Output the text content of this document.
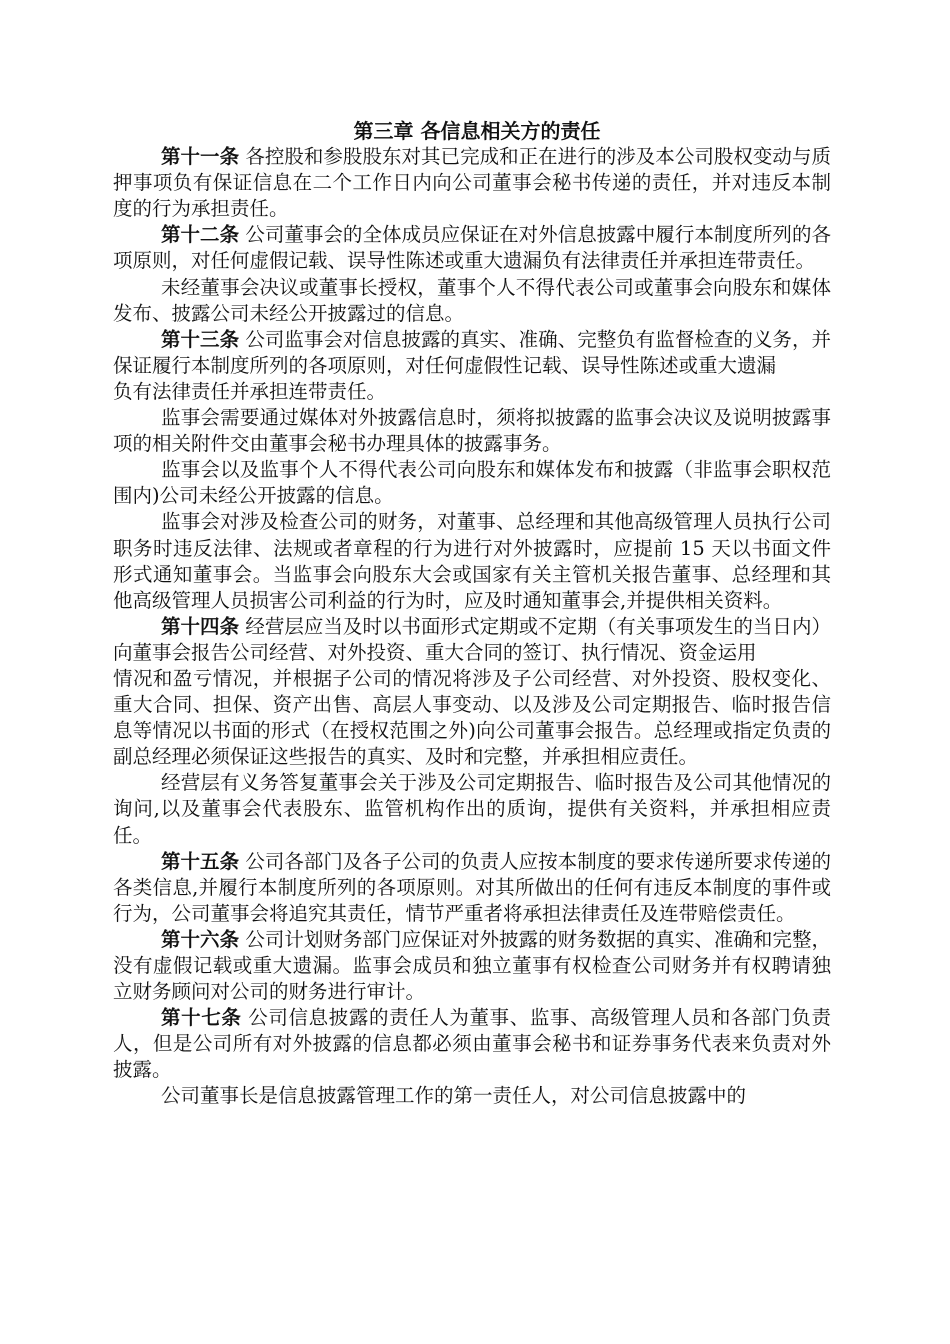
第三章 各信息相关方的责任

第十一条 各控股和参股股东对其已完成和正在进行的涉及本公司股权变动与质押事项负有保证信息在二个工作日内向公司董事会秘书传递的责任，并对违反本制度的行为承担责任。

第十二条 公司董事会的全体成员应保证在对外信息披露中履行本制度所列的各项原则，对任何虚假记载、误导性陈述或重大遗漏负有法律责任并承担连带责任。

未经董事会决议或董事长授权，董事个人不得代表公司或董事会向股东和媒体发布、披露公司未经公开披露过的信息。

第十三条 公司监事会对信息披露的真实、准确、完整负有监督检查的义务，并保证履行本制度所列的各项原则，对任何虚假性记载、误导性陈述或重大遗漏

负有法律责任并承担连带责任。

监事会需要通过媒体对外披露信息时，须将拟披露的监事会决议及说明披露事项的相关附件交由董事会秘书办理具体的披露事务。

监事会以及监事个人不得代表公司向股东和媒体发布和披露（非监事会职权范围内)公司未经公开披露的信息。

监事会对涉及检查公司的财务，对董事、总经理和其他高级管理人员执行公司职务时违反法律、法规或者章程的行为进行对外披露时，应提前 15 天以书面文件形式通知董事会。当监事会向股东大会或国家有关主管机关报告董事、总经理和其他高级管理人员损害公司利益的行为时，应及时通知董事会,并提供相关资料。

第十四条 经营层应当及时以书面形式定期或不定期（有关事项发生的当日内）向董事会报告公司经营、对外投资、重大合同的签订、执行情况、资金运用

情况和盈亏情况，并根据子公司的情况将涉及子公司经营、对外投资、股权变化、重大合同、担保、资产出售、高层人事变动、以及涉及公司定期报告、临时报告信息等情况以书面的形式（在授权范围之外)向公司董事会报告。总经理或指定负责的副总经理必须保证这些报告的真实、及时和完整，并承担相应责任。

经营层有义务答复董事会关于涉及公司定期报告、临时报告及公司其他情况的询问,以及董事会代表股东、监管机构作出的质询，提供有关资料，并承担相应责任。

第十五条 公司各部门及各子公司的负责人应按本制度的要求传递所要求传递的各类信息,并履行本制度所列的各项原则。对其所做出的任何有违反本制度的事件或行为，公司董事会将追究其责任，情节严重者将承担法律责任及连带赔偿责任。

第十六条 公司计划财务部门应保证对外披露的财务数据的真实、准确和完整，没有虚假记载或重大遗漏。监事会成员和独立董事有权检查公司财务并有权聘请独立财务顾问对公司的财务进行审计。

第十七条 公司信息披露的责任人为董事、监事、高级管理人员和各部门负责人，但是公司所有对外披露的信息都必须由董事会秘书和证券事务代表来负责对外披露。

公司董事长是信息披露管理工作的第一责任人，对公司信息披露中的
